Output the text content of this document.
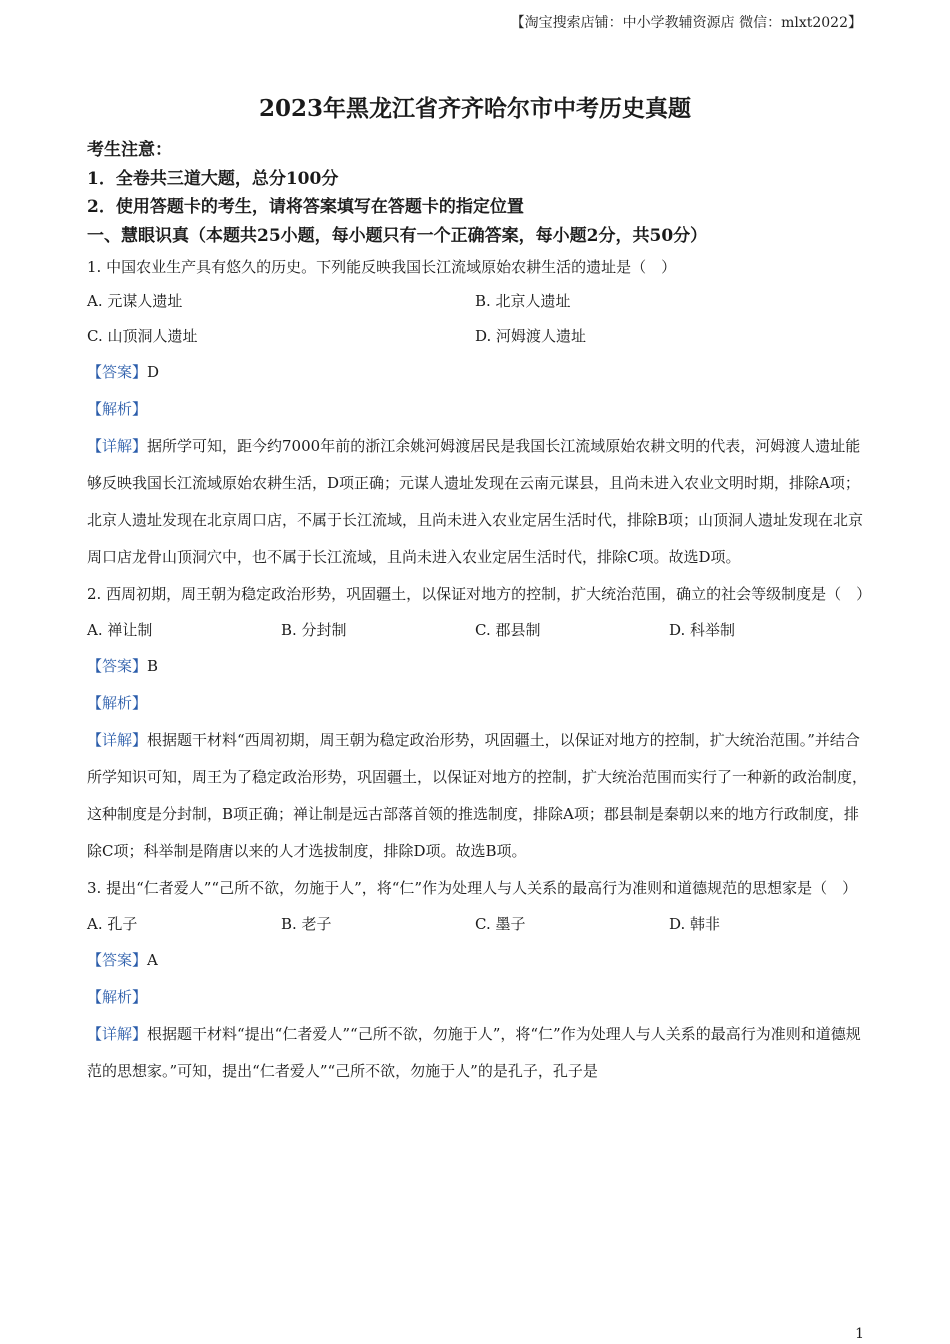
【淘宝搜索店铺：中小学教辅资源店 微信：mlxt2022】
2023年黑龙江省齐齐哈尔市中考历史真题

考生注意：

1．全卷共三道大题，总分100分

2．使用答题卡的考生，请将答案填写在答题卡的指定位置

一、慧眼识真（本题共25小题，每小题只有一个正确答案，每小题2分，共50分）

1. 中国农业生产具有悠久的历史。下列能反映我国长江流域原始农耕生活的遗址是（　）

A. 元谋人遗址	B. 北京人遗址
C. 山顶洞人遗址	D. 河姆渡人遗址

【答案】D

【解析】

【详解】据所学可知，距今约7000年前的浙江余姚河姆渡居民是我国长江流域原始农耕文明的代表，河姆渡人遗址能够反映我国长江流域原始农耕生活，D项正确；元谋人遗址发现在云南元谋县，且尚未进入农业文明时期，排除A项；北京人遗址发现在北京周口店，不属于长江流域，且尚未进入农业定居生活时代，排除B项；山顶洞人遗址发现在北京周口店龙骨山顶洞穴中，也不属于长江流域，且尚未进入农业定居生活时代，排除C项。故选D项。

2. 西周初期，周王朝为稳定政治形势，巩固疆土，以保证对地方的控制，扩大统治范围，确立的社会等级制度是（　）

A. 禅让制	B. 分封制	C. 郡县制	D. 科举制

【答案】B

【解析】

【详解】根据题干材料“西周初期，周王朝为稳定政治形势，巩固疆土，以保证对地方的控制，扩大统治范围。”并结合所学知识可知，周王为了稳定政治形势，巩固疆土，以保证对地方的控制，扩大统治范围而实行了一种新的政治制度，这种制度是分封制，B项正确；禅让制是远古部落首领的推选制度，排除A项；郡县制是秦朝以来的地方行政制度，排除C项；科举制是隋唐以来的人才选拔制度，排除D项。故选B项。

3. 提出“仁者爱人”“己所不欲，勿施于人”，将“仁”作为处理人与人关系的最高行为准则和道德规范的思想家是（　）

A. 孔子	B. 老子	C. 墨子	D. 韩非

【答案】A

【解析】

【详解】根据题干材料“提出“仁者爱人”“己所不欲，勿施于人”，将“仁”作为处理人与人关系的最高行为准则和道德规范的思想家。”可知，提出“仁者爱人”“己所不欲，勿施于人”的是孔子，孔子是

1
